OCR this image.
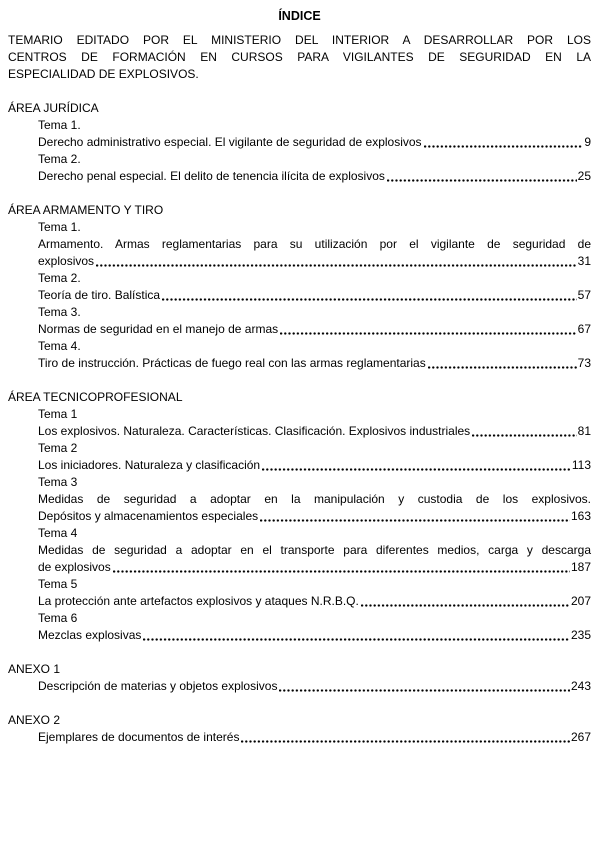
ÍNDICE
TEMARIO EDITADO POR EL MINISTERIO DEL INTERIOR A DESARROLLAR POR LOS
CENTROS DE FORMACIÓN EN CURSOS PARA VIGILANTES DE SEGURIDAD EN LA
ESPECIALIDAD DE EXPLOSIVOS.
ÁREA JURÍDICA
Tema 1.
Derecho administrativo especial. El vigilante de seguridad de explosivos	9
Tema 2.
Derecho penal especial. El delito de tenencia ilícita de explosivos	25
ÁREA ARMAMENTO Y TIRO
Tema 1.
Armamento. Armas reglamentarias para su utilización por el vigilante de seguridad de
explosivos	31
Tema 2.
Teoría de tiro. Balística	57
Tema 3.
Normas de seguridad en el manejo de armas	67
Tema 4.
Tiro de instrucción. Prácticas de fuego real con las armas reglamentarias	73
ÁREA TECNICOPROFESIONAL
Tema 1
Los explosivos. Naturaleza. Características. Clasificación. Explosivos industriales	81
Tema 2
Los iniciadores. Naturaleza y clasificación	113
Tema 3
Medidas de seguridad a adoptar en la manipulación y custodia de los explosivos.
Depósitos y almacenamientos especiales	163
Tema 4
Medidas de seguridad a adoptar en el transporte para diferentes medios, carga y descarga
de explosivos	187
Tema 5
La protección ante artefactos explosivos y ataques N.R.B.Q.	207
Tema 6
Mezclas explosivas	235
ANEXO 1
Descripción de materias y objetos explosivos	243
ANEXO 2
Ejemplares de documentos de interés	267
